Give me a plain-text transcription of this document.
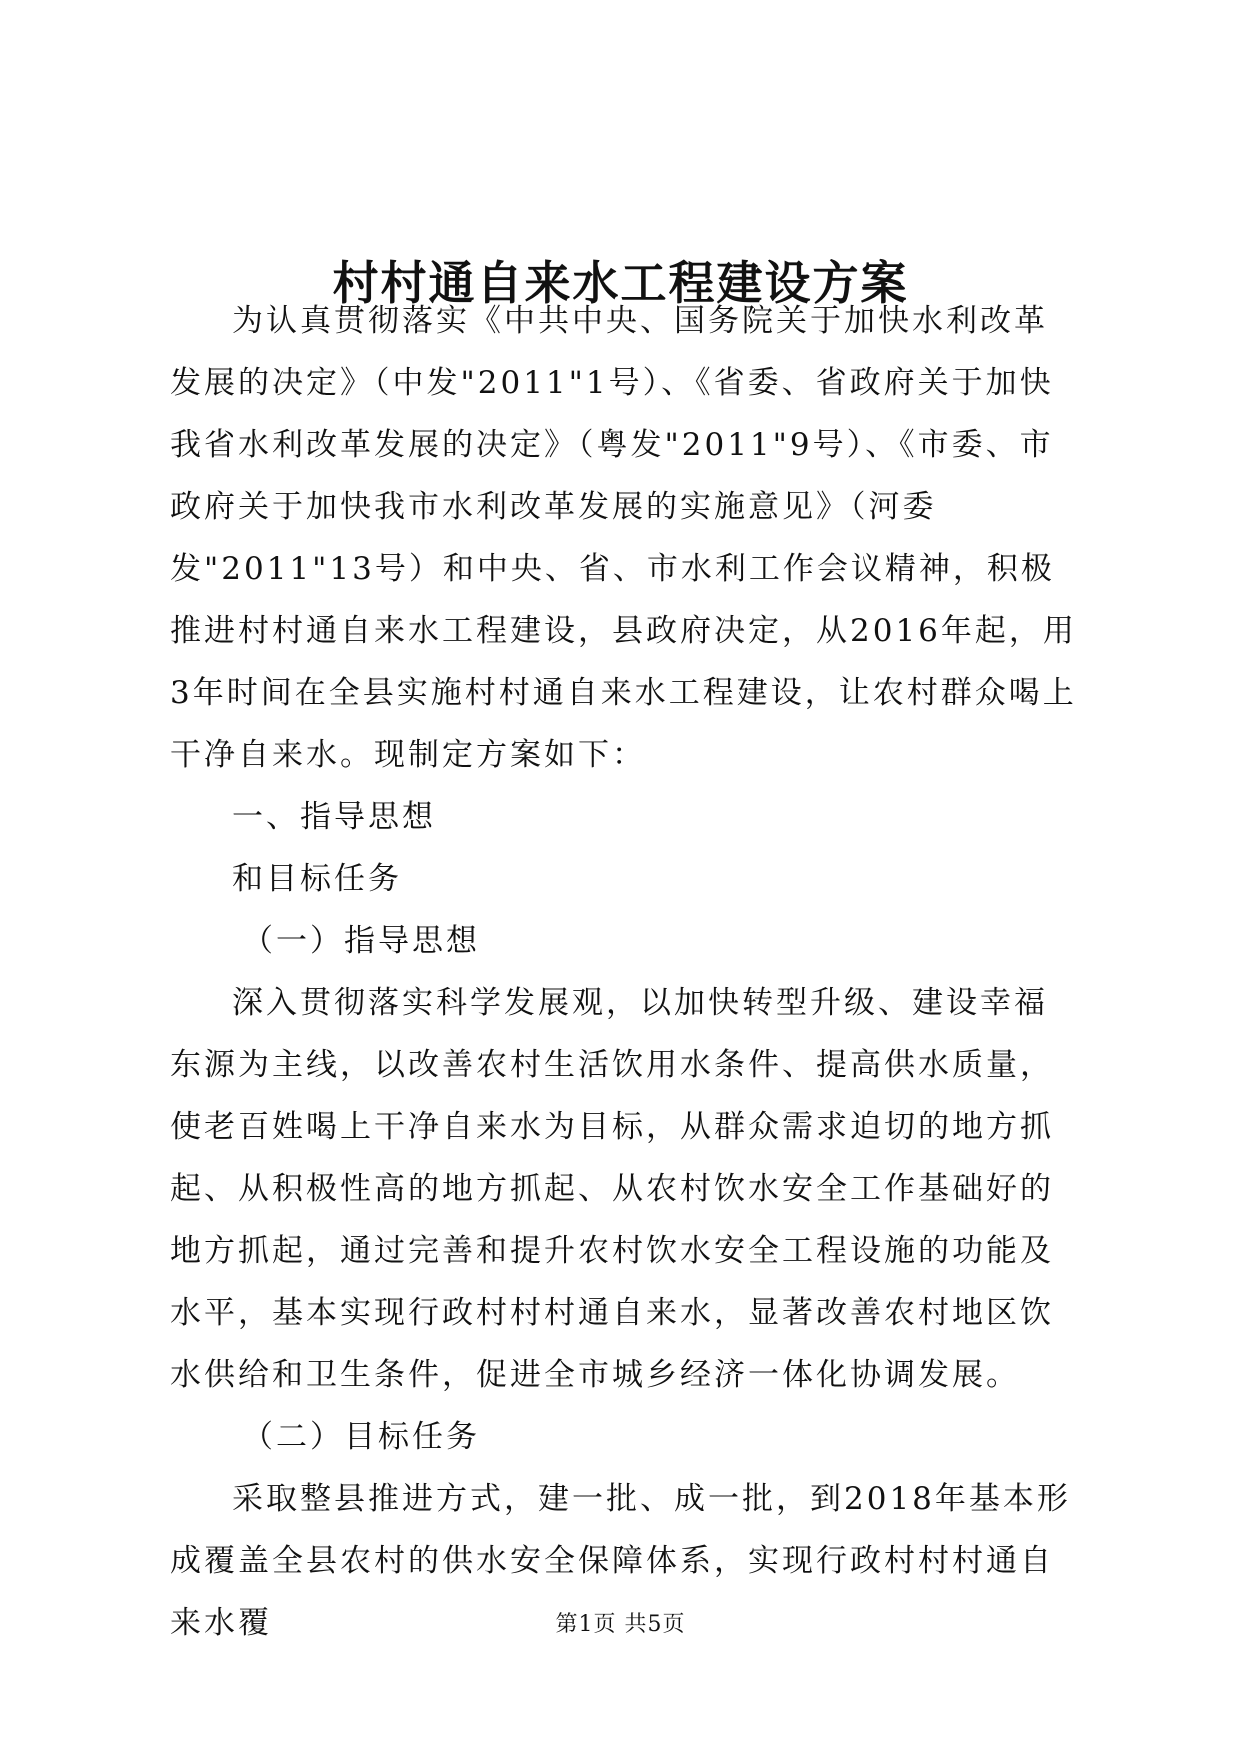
村村通自来水工程建设方案

为认真贯彻落实《中共中央、国务院关于加快水利改革发展的决定》（中发"2011"1号）、《省委、省政府关于加快我省水利改革发展的决定》（粤发"2011"9号）、《市委、市政府关于加快我市水利改革发展的实施意见》（河委发"2011"13号）和中央、省、市水利工作会议精神，积极推进村村通自来水工程建设，县政府决定，从2016年起，用3年时间在全县实施村村通自来水工程建设，让农村群众喝上干净自来水。现制定方案如下：

一、指导思想

和目标任务

（一）指导思想

深入贯彻落实科学发展观，以加快转型升级、建设幸福东源为主线，以改善农村生活饮用水条件、提高供水质量，使老百姓喝上干净自来水为目标，从群众需求迫切的地方抓起、从积极性高的地方抓起、从农村饮水安全工作基础好的地方抓起，通过完善和提升农村饮水安全工程设施的功能及水平，基本实现行政村村村通自来水，显著改善农村地区饮水供给和卫生条件，促进全市城乡经济一体化协调发展。

（二）目标任务

采取整县推进方式，建一批、成一批，到2018年基本形成覆盖全县农村的供水安全保障体系，实现行政村村村通自来水覆	第1页 共5页
